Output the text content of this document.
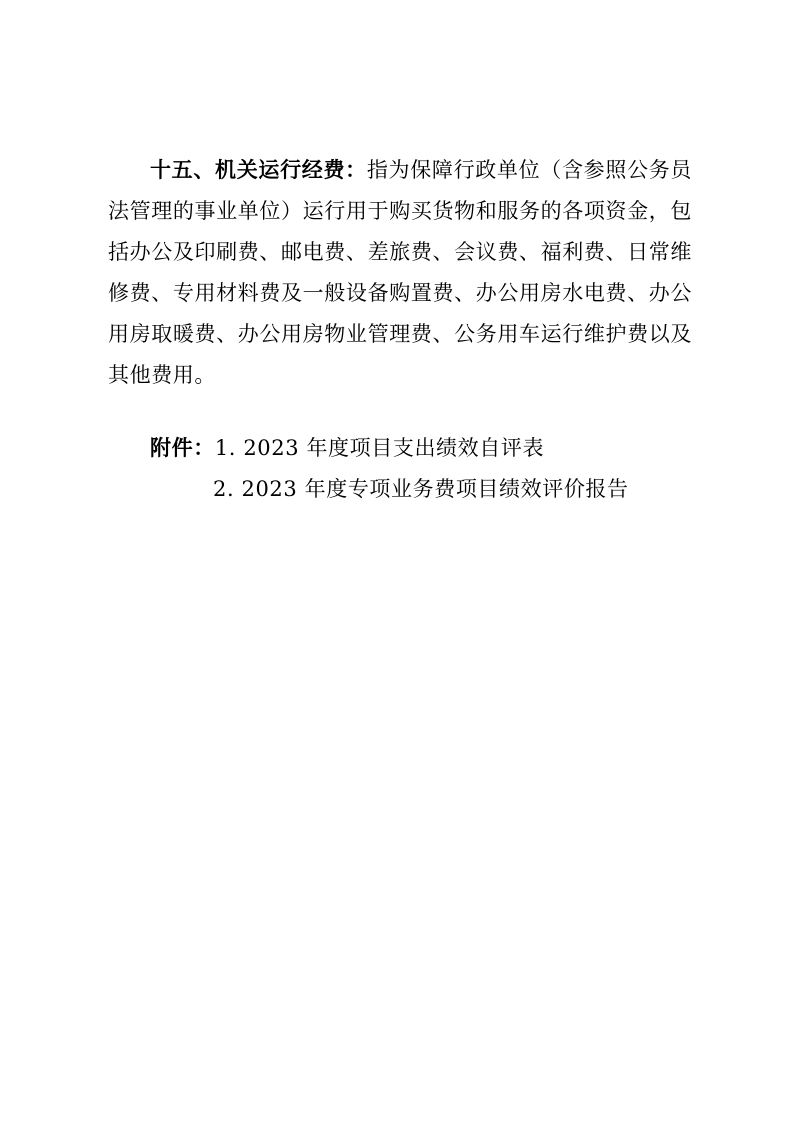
十五、机关运行经费：指为保障行政单位（含参照公务员法管理的事业单位）运行用于购买货物和服务的各项资金，包括办公及印刷费、邮电费、差旅费、会议费、福利费、日常维修费、专用材料费及一般设备购置费、办公用房水电费、办公用房取暖费、办公用房物业管理费、公务用车运行维护费以及其他费用。

附件：1. 2023 年度项目支出绩效自评表
2. 2023 年度专项业务费项目绩效评价报告
